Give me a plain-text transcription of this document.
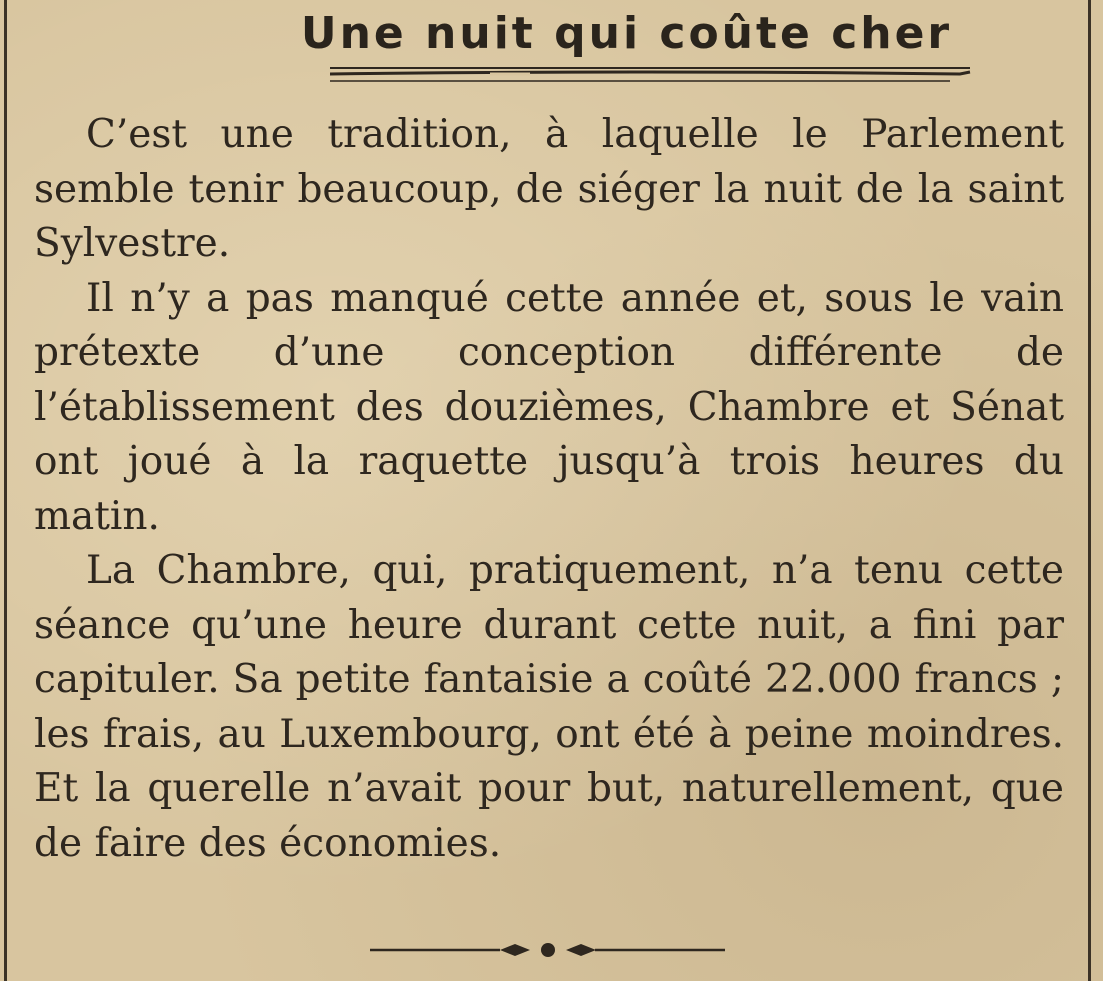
Une nuit qui coûte cher

C’est une tradition, à laquelle le Parlement semble tenir beaucoup, de siéger la nuit de la saint Sylvestre.

Il n’y a pas manqué cette année et, sous le vain prétexte d’une conception différente de l’établissement des douzièmes, Chambre et Sénat ont joué à la raquette jusqu’à trois heures du matin.

La Chambre, qui, pratiquement, n’a tenu cette séance qu’une heure durant cette nuit, a fini par capituler. Sa petite fantaisie a coûté 22.000 francs ; les frais, au Luxembourg, ont été à peine moindres. Et la querelle n’avait pour but, naturellement, que de faire des économies.
